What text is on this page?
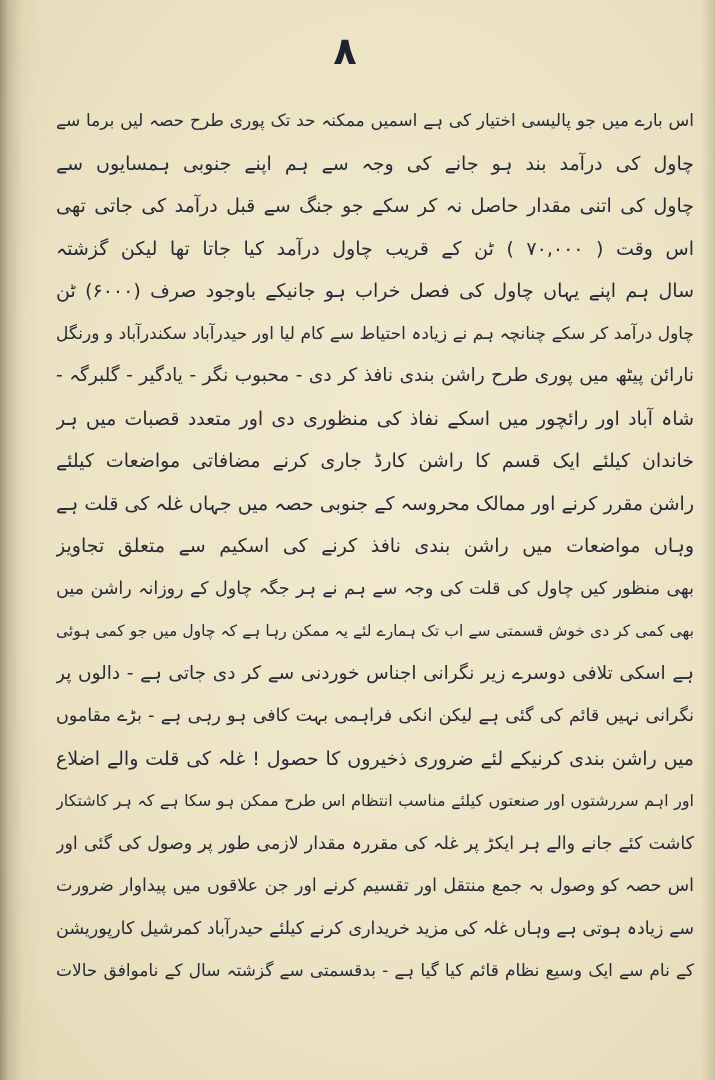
۸
اس بارے میں جو پالیسی اختیار کی ہے اسمیں ممکنہ حد تک پوری طرح حصہ لیں برما سے
چاول کی درآمد بند ہو جانے کی وجہ سے ہم اپنے جنوبی ہمسایوں سے
چاول کی اتنی مقدار حاصل نہ کر سکے جو جنگ سے قبل درآمد کی جاتی تھی
اس وقت ( ۷۰,۰۰۰ ) ٹن کے قریب چاول درآمد کیا جاتا تھا لیکن گزشتہ
سال ہم اپنے یہاں چاول کی فصل خراب ہو جانیکے باوجود صرف (۶۰۰۰) ٹن
چاول درآمد کر سکے چنانچہ ہم نے زیادہ احتیاط سے کام لیا اور حیدرآباد سکندرآباد و ورنگل
نارائن پیٹھ میں پوری طرح راشن بندی نافذ کر دی - محبوب نگر - یادگیر - گلبرگہ -
شاہ آباد اور رائچور میں اسکے نفاذ کی منظوری دی اور متعدد قصبات میں ہر
خاندان کیلئے ایک قسم کا راشن کارڈ جاری کرنے مضافاتی مواضعات کیلئے
راشن مقرر کرنے اور ممالک محروسہ کے جنوبی حصہ میں جہاں غلہ کی قلت ہے
وہاں مواضعات میں راشن بندی نافذ کرنے کی اسکیم سے متعلق تجاویز
بھی منظور کیں چاول کی قلت کی وجہ سے ہم نے ہر جگہ چاول کے روزانہ راشن میں
بھی کمی کر دی خوش قسمتی سے اب تک ہمارے لئے یہ ممکن رہا ہے کہ چاول میں جو کمی ہوئی
ہے اسکی تلافی دوسرے زیر نگرانی اجناس خوردنی سے کر دی جاتی ہے - دالوں پر
نگرانی نہیں قائم کی گئی ہے لیکن انکی فراہمی بہت کافی ہو رہی ہے - بڑے مقاموں
میں راشن بندی کرنیکے لئے ضروری ذخیروں کا حصول ! غلہ کی قلت والے اضلاع
اور اہم سررشتوں اور صنعتوں کیلئے مناسب انتظام اس طرح ممکن ہو سکا ہے کہ ہر کاشتکار
کاشت کئے جانے والے ہر ایکڑ پر غلہ کی مقررہ مقدار لازمی طور پر وصول کی گئی اور
اس حصہ کو وصول بہ جمع منتقل اور تقسیم کرنے اور جن علاقوں میں پیداوار ضرورت
سے زیادہ ہوتی ہے وہاں غلہ کی مزید خریداری کرنے کیلئے حیدرآباد کمرشیل کارپوریشن
کے نام سے ایک وسیع نظام قائم کیا گیا ہے - بدقسمتی سے گزشتہ سال کے ناموافق حالات
